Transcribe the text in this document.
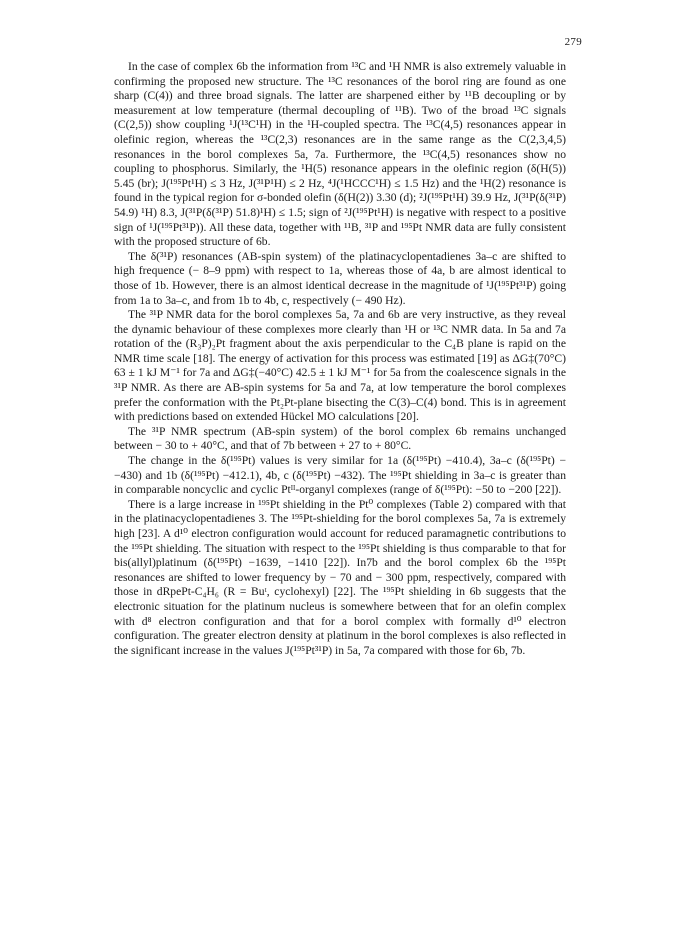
279

In the case of complex 6b the information from ¹³C and ¹H NMR is also extremely valuable in confirming the proposed new structure. The ¹³C resonances of the borol ring are found as one sharp (C(4)) and three broad signals. The latter are sharpened either by ¹¹B decoupling or by measurement at low temperature (thermal decoupling of ¹¹B). Two of the broad ¹³C signals (C(2,5)) show coupling ¹J(¹³C¹H) in the ¹H-coupled spectra. The ¹³C(4,5) resonances appear in olefinic region, whereas the ¹³C(2,3) resonances are in the same range as the C(2,3,4,5) resonances in the borol complexes 5a, 7a. Furthermore, the ¹³C(4,5) resonances show no coupling to phosphorus. Similarly, the ¹H(5) resonance appears in the olefinic region (δ(H(5)) 5.45 (br); J(¹⁹⁵Pt¹H) ≤ 3 Hz, J(³¹P¹H) ≤ 2 Hz, ⁴J(¹HCCC¹H) ≤ 1.5 Hz) and the ¹H(2) resonance is found in the typical region for σ-bonded olefin (δ(H(2)) 3.30 (d); ²J(¹⁹⁵Pt¹H) 39.9 Hz, J(³¹P(δ(³¹P) 54.9) ¹H) 8.3, J(³¹P(δ(³¹P) 51.8)¹H) ≤ 1.5; sign of ²J(¹⁹⁵Pt¹H) is negative with respect to a positive sign of ¹J(¹⁹⁵Pt³¹P)). All these data, together with ¹¹B, ³¹P and ¹⁹⁵Pt NMR data are fully consistent with the proposed structure of 6b.

The δ(³¹P) resonances (AB-spin system) of the platinacyclopentadienes 3a–c are shifted to high frequence (− 8–9 ppm) with respect to 1a, whereas those of 4a, b are almost identical to those of 1b. However, there is an almost identical decrease in the magnitude of ¹J(¹⁹⁵Pt³¹P) going from 1a to 3a–c, and from 1b to 4b, c, respectively (− 490 Hz).

The ³¹P NMR data for the borol complexes 5a, 7a and 6b are very instructive, as they reveal the dynamic behaviour of these complexes more clearly than ¹H or ¹³C NMR data. In 5a and 7a rotation of the (R₃P)₂Pt fragment about the axis perpendicular to the C₄B plane is rapid on the NMR time scale [18]. The energy of activation for this process was estimated [19] as ΔG‡(70°C) 63 ± 1 kJ M⁻¹ for 7a and ΔG‡(−40°C) 42.5 ± 1 kJ M⁻¹ for 5a from the coalescence signals in the ³¹P NMR. As there are AB-spin systems for 5a and 7a, at low temperature the borol complexes prefer the conformation with the Pt₂Pt-plane bisecting the C(3)–C(4) bond. This is in agreement with predictions based on extended Hückel MO calculations [20].

The ³¹P NMR spectrum (AB-spin system) of the borol complex 6b remains unchanged between − 30 to + 40°C, and that of 7b between + 27 to + 80°C.

The change in the δ(¹⁹⁵Pt) values is very similar for 1a (δ(¹⁹⁵Pt) −410.4), 3a–c (δ(¹⁹⁵Pt) − −430) and 1b (δ(¹⁹⁵Pt) −412.1), 4b, c (δ(¹⁹⁵Pt) −432). The ¹⁹⁵Pt shielding in 3a–c is greater than in comparable noncyclic and cyclic Ptᴵᴵ-organyl complexes (range of δ(¹⁹⁵Pt): −50 to −200 [22]).

There is a large increase in ¹⁹⁵Pt shielding in the Pt⁰ complexes (Table 2) compared with that in the platinacyclopentadienes 3. The ¹⁹⁵Pt-shielding for the borol complexes 5a, 7a is extremely high [23]. A d¹⁰ electron configuration would account for reduced paramagnetic contributions to the ¹⁹⁵Pt shielding. The situation with respect to the ¹⁹⁵Pt shielding is thus comparable to that for bis(allyl)platinum (δ(¹⁹⁵Pt) −1639, −1410 [22]). In7b and the borol complex 6b the ¹⁹⁵Pt resonances are shifted to lower frequency by − 70 and − 300 ppm, respectively, compared with those in dRpePt-C₄H₆ (R = Buᵗ, cyclohexyl) [22]. The ¹⁹⁵Pt shielding in 6b suggests that the electronic situation for the platinum nucleus is somewhere between that for an olefin complex with d⁸ electron configuration and that for a borol complex with formally d¹⁰ electron configuration. The greater electron density at platinum in the borol complexes is also reflected in the significant increase in the values J(¹⁹⁵Pt³¹P) in 5a, 7a compared with those for 6b, 7b.
